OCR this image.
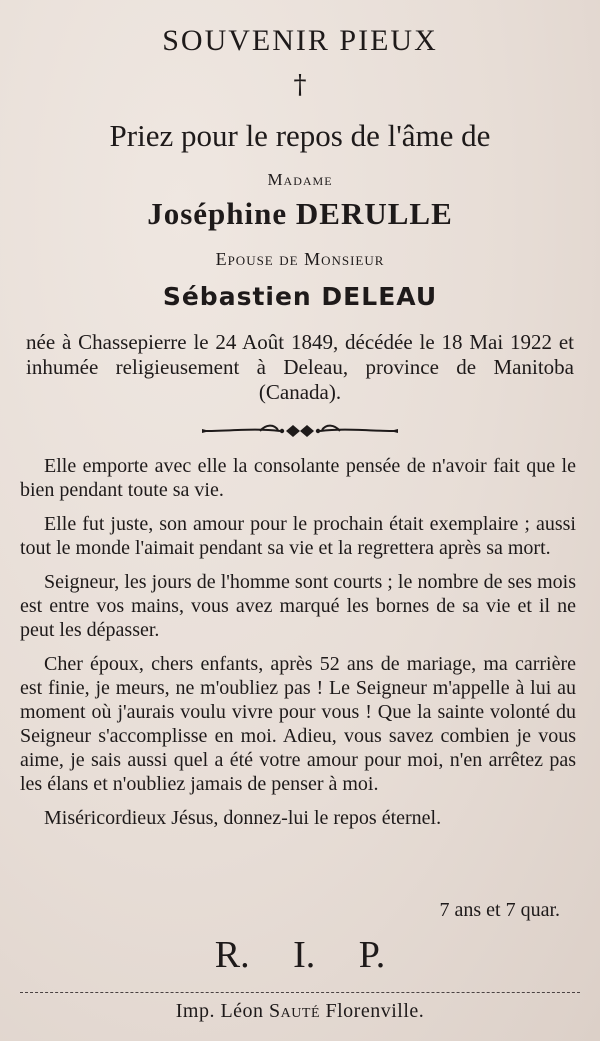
SOUVENIR PIEUX
†
Priez pour le repos de l'âme de
Madame
Joséphine DERULLE
Epouse de Monsieur
Sébastien DELEAU
née à Chassepierre le 24 Août 1849, décédée le 18 Mai 1922 et inhumée religieusement à Deleau, province de Manitoba (Canada).

Elle emporte avec elle la consolante pensée de n'avoir fait que le bien pendant toute sa vie.

Elle fut juste, son amour pour le prochain était exemplaire ; aussi tout le monde l'aimait pendant sa vie et la regrettera après sa mort.

Seigneur, les jours de l'homme sont courts ; le nombre de ses mois est entre vos mains, vous avez marqué les bornes de sa vie et il ne peut les dépasser.

Cher époux, chers enfants, après 52 ans de mariage, ma carrière est finie, je meurs, ne m'oubliez pas ! Le Seigneur m'appelle à lui au moment où j'aurais voulu vivre pour vous ! Que la sainte volonté du Seigneur s'accomplisse en moi. Adieu, vous savez combien je vous aime, je sais aussi quel a été votre amour pour moi, n'en arrêtez pas les élans et n'oubliez jamais de penser à moi.

Miséricordieux Jésus, donnez-lui le repos éternel.

7 ans et 7 quar.
R. I. P.
Imp. Léon Sauté Florenville.
